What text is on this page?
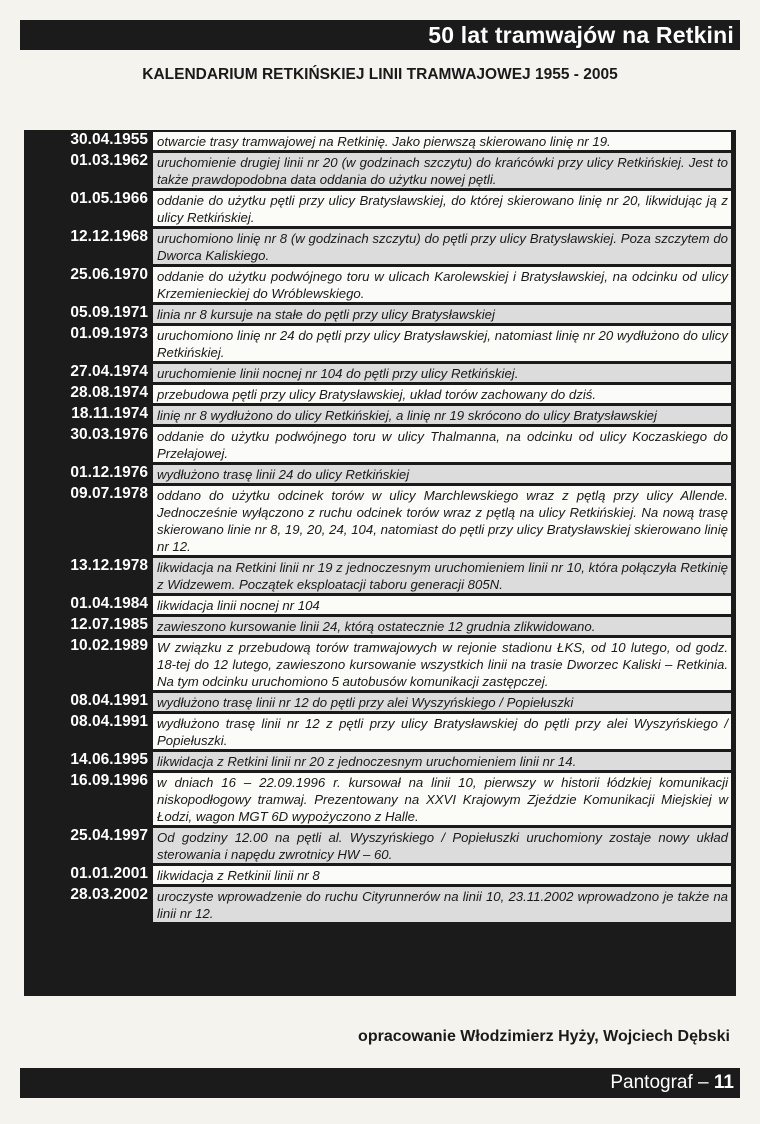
50 lat tramwajów na Retkini
KALENDARIUM RETKIŃSKIEJ LINII TRAMWAJOWEJ 1955 - 2005
30.04.1955 otwarcie trasy tramwajowej na Retkinię. Jako pierwszą skierowano linię nr 19.
01.03.1962 uruchomienie drugiej linii nr 20 (w godzinach szczytu) do krańcówki przy ulicy Retkińskiej. Jest to także prawdopodobna data oddania do użytku nowej pętli.
01.05.1966 oddanie do użytku pętli przy ulicy Bratysławskiej, do której skierowano linię nr 20, likwidując ją z ulicy Retkińskiej.
12.12.1968 uruchomiono linię nr 8 (w godzinach szczytu) do pętli przy ulicy Bratysławskiej. Poza szczytem do Dworca Kaliskiego.
25.06.1970 oddanie do użytku podwójnego toru w ulicach Karolewskiej i Bratysławskiej, na odcinku od ulicy Krzemienieckiej do Wróblewskiego.
05.09.1971 linia nr 8 kursuje na stałe do pętli przy ulicy Bratysławskiej
01.09.1973 uruchomiono linię nr 24 do pętli przy ulicy Bratysławskiej, natomiast linię nr 20 wydłużono do ulicy Retkińskiej.
27.04.1974 uruchomienie linii nocnej nr 104 do pętli przy ulicy Retkińskiej.
28.08.1974 przebudowa pętli przy ulicy Bratysławskiej, układ torów zachowany do dziś.
18.11.1974 linię nr 8 wydłużono do ulicy Retkińskiej, a linię nr 19 skrócono do ulicy Bratysławskiej
30.03.1976 oddanie do użytku podwójnego toru w ulicy Thalmanna, na odcinku od ulicy Koczaskiego do Przełajowej.
01.12.1976 wydłużono trasę linii 24 do ulicy Retkińskiej
09.07.1978 oddano do użytku odcinek torów w ulicy Marchlewskiego wraz z pętlą przy ulicy Allende. Jednocześnie wyłączono z ruchu odcinek torów wraz z pętlą na ulicy Retkińskiej. Na nową trasę skierowano linie nr 8, 19, 20, 24, 104, natomiast do pętli przy ulicy Bratysławskiej skierowano linię nr 12.
13.12.1978 likwidacja na Retkini linii nr 19 z jednoczesnym uruchomieniem linii nr 10, która połączyła Retkinię z Widzewem. Początek eksploatacji taboru generacji 805N.
01.04.1984 likwidacja linii nocnej nr 104
12.07.1985 zawieszono kursowanie linii 24, którą ostatecznie 12 grudnia zlikwidowano.
10.02.1989 W związku z przebudową torów tramwajowych w rejonie stadionu ŁKS, od 10 lutego, od godz. 18-tej do 12 lutego, zawieszono kursowanie wszystkich linii na trasie Dworzec Kaliski – Retkinia. Na tym odcinku uruchomiono 5 autobusów komunikacji zastępczej.
08.04.1991 wydłużono trasę linii nr 12 do pętli przy alei Wyszyńskiego / Popiełuszki
08.04.1991 wydłużono trasę linii nr 12 z pętli przy ulicy Bratysławskiej do pętli przy alei Wyszyńskiego / Popiełuszki.
14.06.1995 likwidacja z Retkini linii nr 20 z jednoczesnym uruchomieniem linii nr 14.
16.09.1996 w dniach 16 – 22.09.1996 r. kursował na linii 10, pierwszy w historii łódzkiej komunikacji niskopodłogowy tramwaj. Prezentowany na XXVI Krajowym Zjeździe Komunikacji Miejskiej w Łodzi, wagon MGT 6D wypożyczono z Halle.
25.04.1997 Od godziny 12.00 na pętli al. Wyszyńskiego / Popiełuszki uruchomiony zostaje nowy układ sterowania i napędu zwrotnicy HW – 60.
01.01.2001 likwidacja z Retkinii linii nr 8
28.03.2002 uroczyste wprowadzenie do ruchu Cityrunnerów na linii 10, 23.11.2002 wprowadzono je także na linii nr 12.
opracowanie Włodzimierz Hyży, Wojciech Dębski
Pantograf – 11
